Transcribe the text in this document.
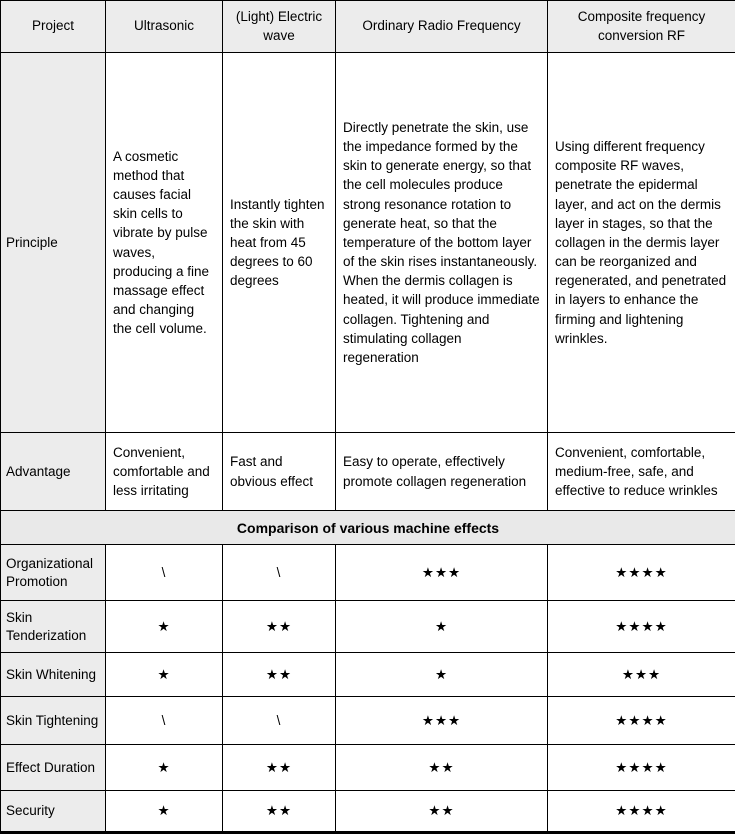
Project	Ultrasonic	(Light) Electric wave	Ordinary Radio Frequency	Composite frequency conversion RF
Principle	A cosmetic method that causes facial skin cells to vibrate by pulse waves, producing a fine massage effect and changing the cell volume.	Instantly tighten the skin with heat from 45 degrees to 60 degrees	Directly penetrate the skin, use the impedance formed by the skin to generate energy, so that the cell molecules produce strong resonance rotation to generate heat, so that the temperature of the bottom layer of the skin rises instantaneously. When the dermis collagen is heated, it will produce immediate collagen. Tightening and stimulating collagen regeneration	Using different frequency composite RF waves, penetrate the epidermal layer, and act on the dermis layer in stages, so that the collagen in the dermis layer can be reorganized and regenerated, and penetrated in layers to enhance the firming and lightening wrinkles.
Advantage	Convenient, comfortable and less irritating	Fast and obvious effect	Easy to operate, effectively promote collagen regeneration	Convenient, comfortable, medium-free, safe, and effective to reduce wrinkles
Comparison of various machine effects				
Organizational Promotion	\	\	★★★	★★★★
Skin Tenderization	★	★★	★	★★★★
Skin Whitening	★	★★	★	★★★
Skin Tightening	\	\	★★★	★★★★
Effect Duration	★	★★	★★	★★★★
Security	★	★★	★★	★★★★
